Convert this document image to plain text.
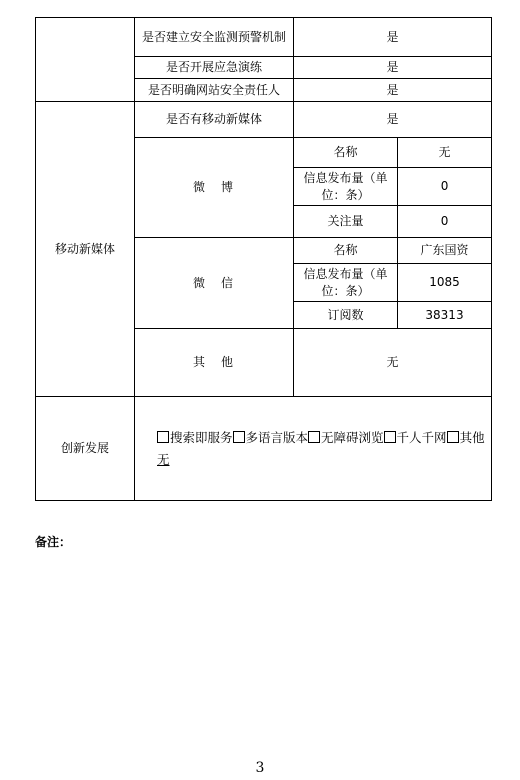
	是否建立安全监测预警机制	是	
	是否开展应急演练	是	
	是否明确网站安全责任人	是	
移动新媒体	是否有移动新媒体	是	
	微　博	名称	无
		信息发布量（单位：条）	0
		关注量	0
	微　信	名称	广东国资
		信息发布量（单位：条）	1085
		订阅数	38313
	其　他	无	
创新发展	搜索即服务 多语言版本 无障碍浏览 千人千网 其他
无		
备注：
3
